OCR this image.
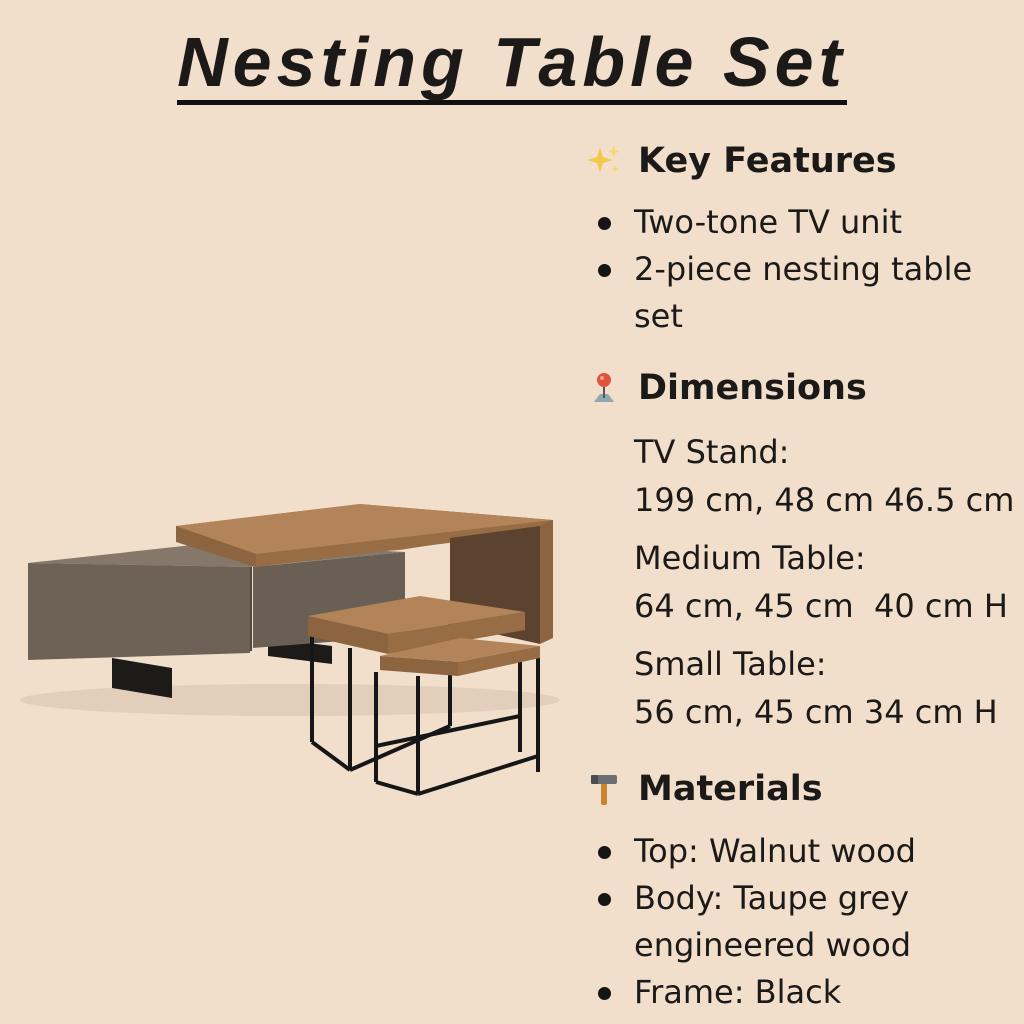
Nesting Table Set
Key Features
Two-tone TV unit
2-piece nesting table set
Dimensions
TV Stand:
199 cm, 48 cm 46.5 cm
Medium Table:
64 cm, 45 cm  40 cm H
Small Table:
56 cm, 45 cm 34 cm H
Materials
Top: Walnut wood
Body: Taupe grey engineered wood
Frame: Black
